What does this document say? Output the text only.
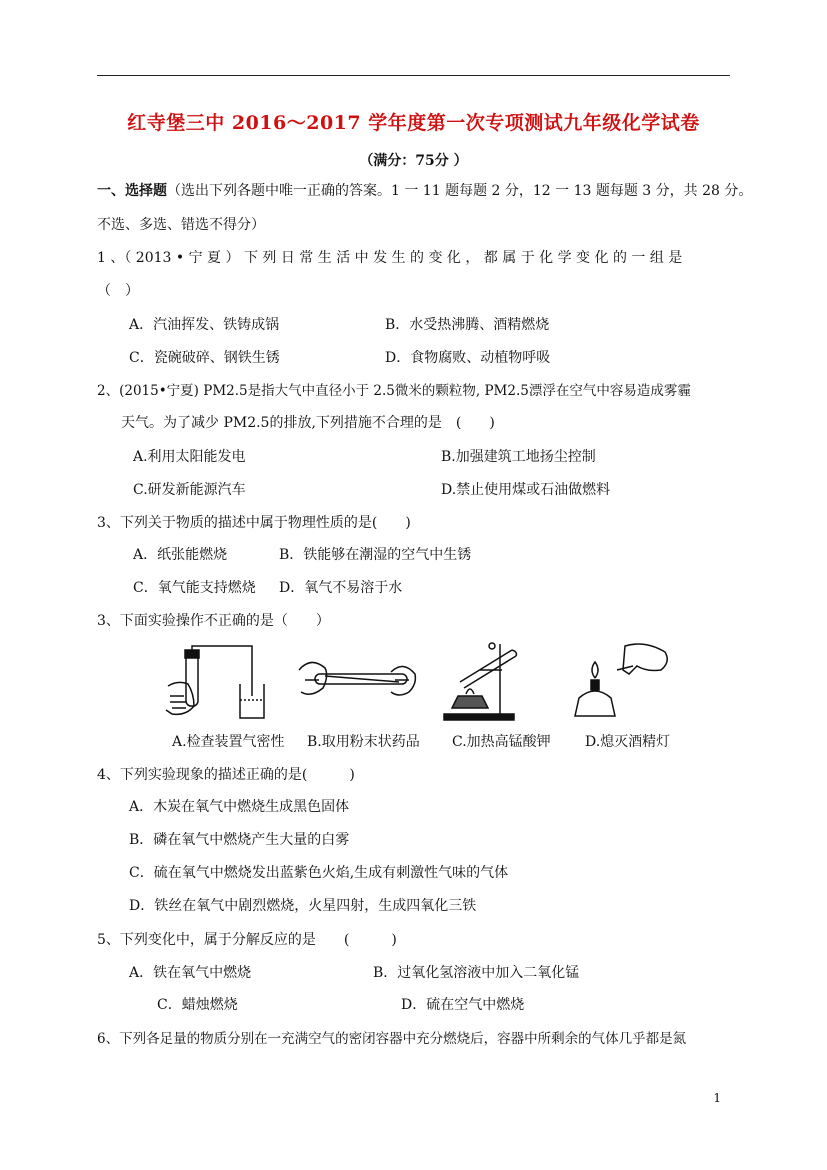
红寺堡三中 2016～2017 学年度第一次专项测试九年级化学试卷
（满分：75分 ）
一、选择题（选出下列各题中唯一正确的答案。1 一 11 题每题 2 分，12 一 13 题每题 3 分，共 28 分。
不选、多选、错选不得分）
1 、（ 2013 • 宁 夏 ） 下 列 日 常 生 活 中 发 生 的 变 化 ， 都 属 于 化 学 变 化 的 一 组 是
（　）
A．汽油挥发、铁铸成锅	B．水受热沸腾、酒精燃烧
C．瓷碗破碎、钢铁生锈	D．食物腐败、动植物呼吸
2、(2015•宁夏) PM2.5是指大气中直径小于 2.5微米的颗粒物, PM2.5漂浮在空气中容易造成雾霾
天气。为了减少 PM2.5的排放,下列措施不合理的是　(　　)
A.利用太阳能发电	B.加强建筑工地扬尘控制
C.研发新能源汽车	D.禁止使用煤或石油做燃料
3、下列关于物质的描述中属于物理性质的是(　　)
A．纸张能燃烧	B．铁能够在潮湿的空气中生锈
C．氧气能支持燃烧 D．氧气不易溶于水
3、下面实验操作不正确的是（　　）
A.检查装置气密性 B.取用粉末状药品 C.加热高锰酸钾 D.熄灭酒精灯
4、下列实验现象的描述正确的是(　　　)
A．木炭在氧气中燃烧生成黑色固体
B．磷在氧气中燃烧产生大量的白雾
C．硫在氧气中燃烧发出蓝紫色火焰,生成有刺激性气味的气体
D．铁丝在氧气中剧烈燃烧，火星四射，生成四氧化三铁
5、下列变化中，属于分解反应的是　　(　　　)
A．铁在氧气中燃烧	B．过氧化氢溶液中加入二氧化锰
C．蜡烛燃烧	D．硫在空气中燃烧
6、下列各足量的物质分别在一充满空气的密闭容器中充分燃烧后，容器中所剩余的气体几乎都是氮
1
